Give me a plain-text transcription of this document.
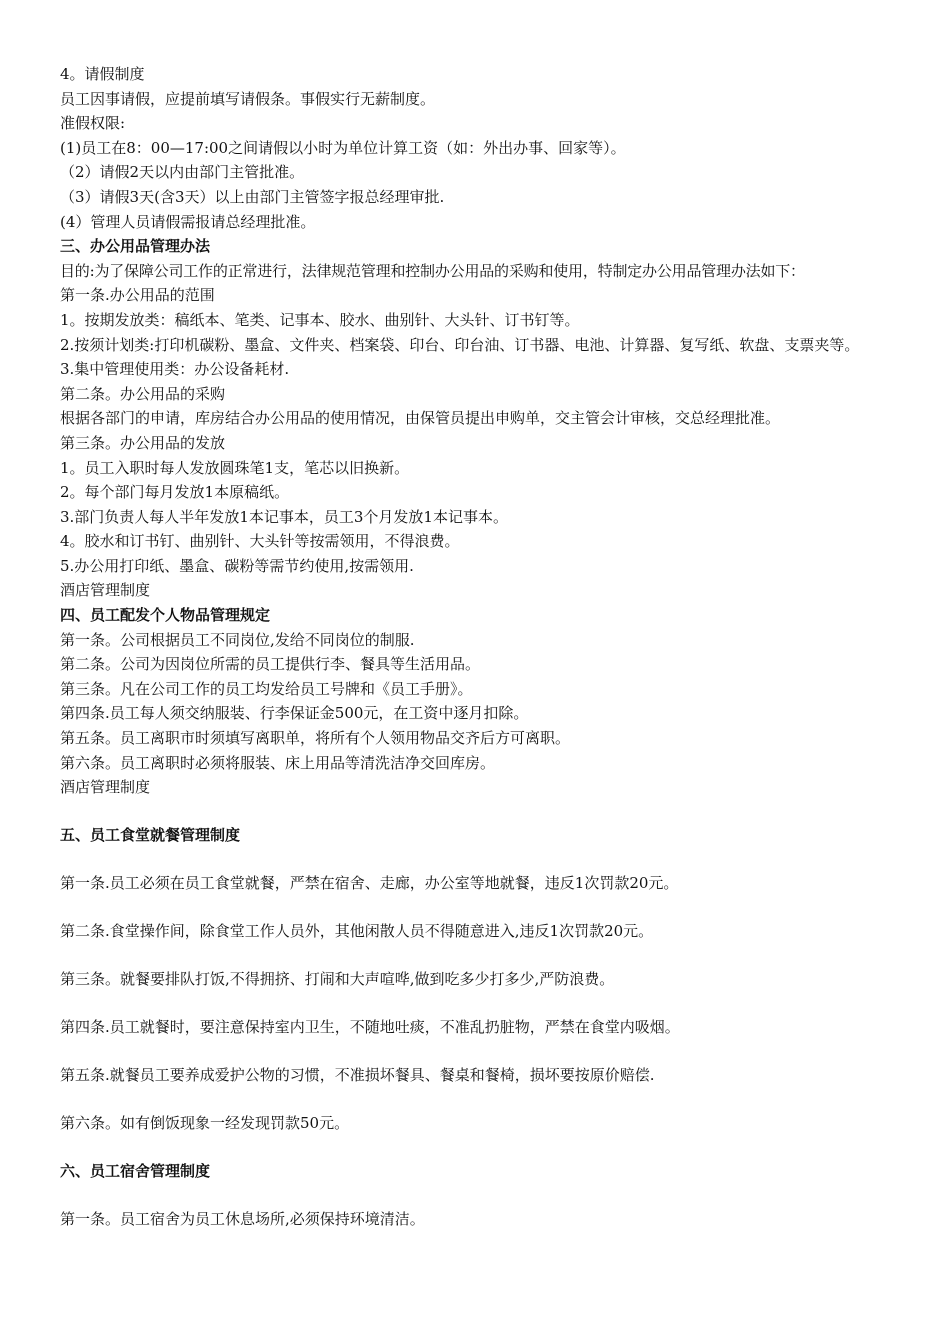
4。请假制度
员工因事请假，应提前填写请假条。事假实行无薪制度。
准假权限:
(1)员工在8：00—17:00之间请假以小时为单位计算工资（如：外出办事、回家等）。
（2）请假2天以内由部门主管批准。
（3）请假3天(含3天）以上由部门主管签字报总经理审批.
(4）管理人员请假需报请总经理批准。
三、办公用品管理办法
目的:为了保障公司工作的正常进行，法律规范管理和控制办公用品的采购和使用，特制定办公用品管理办法如下：
第一条.办公用品的范围
1。按期发放类：稿纸本、笔类、记事本、胶水、曲别针、大头针、订书钉等。
2.按须计划类:打印机碳粉、墨盒、文件夹、档案袋、印台、印台油、订书器、电池、计算器、复写纸、软盘、支票夹等。
3.集中管理使用类：办公设备耗材.
第二条。办公用品的采购
根据各部门的申请，库房结合办公用品的使用情况，由保管员提出申购单，交主管会计审核，交总经理批准。
第三条。办公用品的发放
1。员工入职时每人发放圆珠笔1支，笔芯以旧换新。
2。每个部门每月发放1本原稿纸。
3.部门负责人每人半年发放1本记事本，员工3个月发放1本记事本。
4。胶水和订书钉、曲别针、大头针等按需领用，不得浪费。
5.办公用打印纸、墨盒、碳粉等需节约使用,按需领用.
酒店管理制度
四、员工配发个人物品管理规定
第一条。公司根据员工不同岗位,发给不同岗位的制服.
第二条。公司为因岗位所需的员工提供行李、餐具等生活用品。
第三条。凡在公司工作的员工均发给员工号牌和《员工手册》。
第四条.员工每人须交纳服装、行李保证金500元，在工资中逐月扣除。
第五条。员工离职市时须填写离职单，将所有个人领用物品交齐后方可离职。
第六条。员工离职时必须将服装、床上用品等清洗洁净交回库房。
酒店管理制度
五、员工食堂就餐管理制度
第一条.员工必须在员工食堂就餐，严禁在宿舍、走廊，办公室等地就餐，违反1次罚款20元。
第二条.食堂操作间，除食堂工作人员外，其他闲散人员不得随意进入,违反1次罚款20元。
第三条。就餐要排队打饭,不得拥挤、打闹和大声喧哗,做到吃多少打多少,严防浪费。
第四条.员工就餐时，要注意保持室内卫生，不随地吐痰，不准乱扔脏物，严禁在食堂内吸烟。
第五条.就餐员工要养成爱护公物的习惯，不准损坏餐具、餐桌和餐椅，损坏要按原价赔偿.
第六条。如有倒饭现象一经发现罚款50元。
六、员工宿舍管理制度
第一条。员工宿舍为员工休息场所,必须保持环境清洁。
